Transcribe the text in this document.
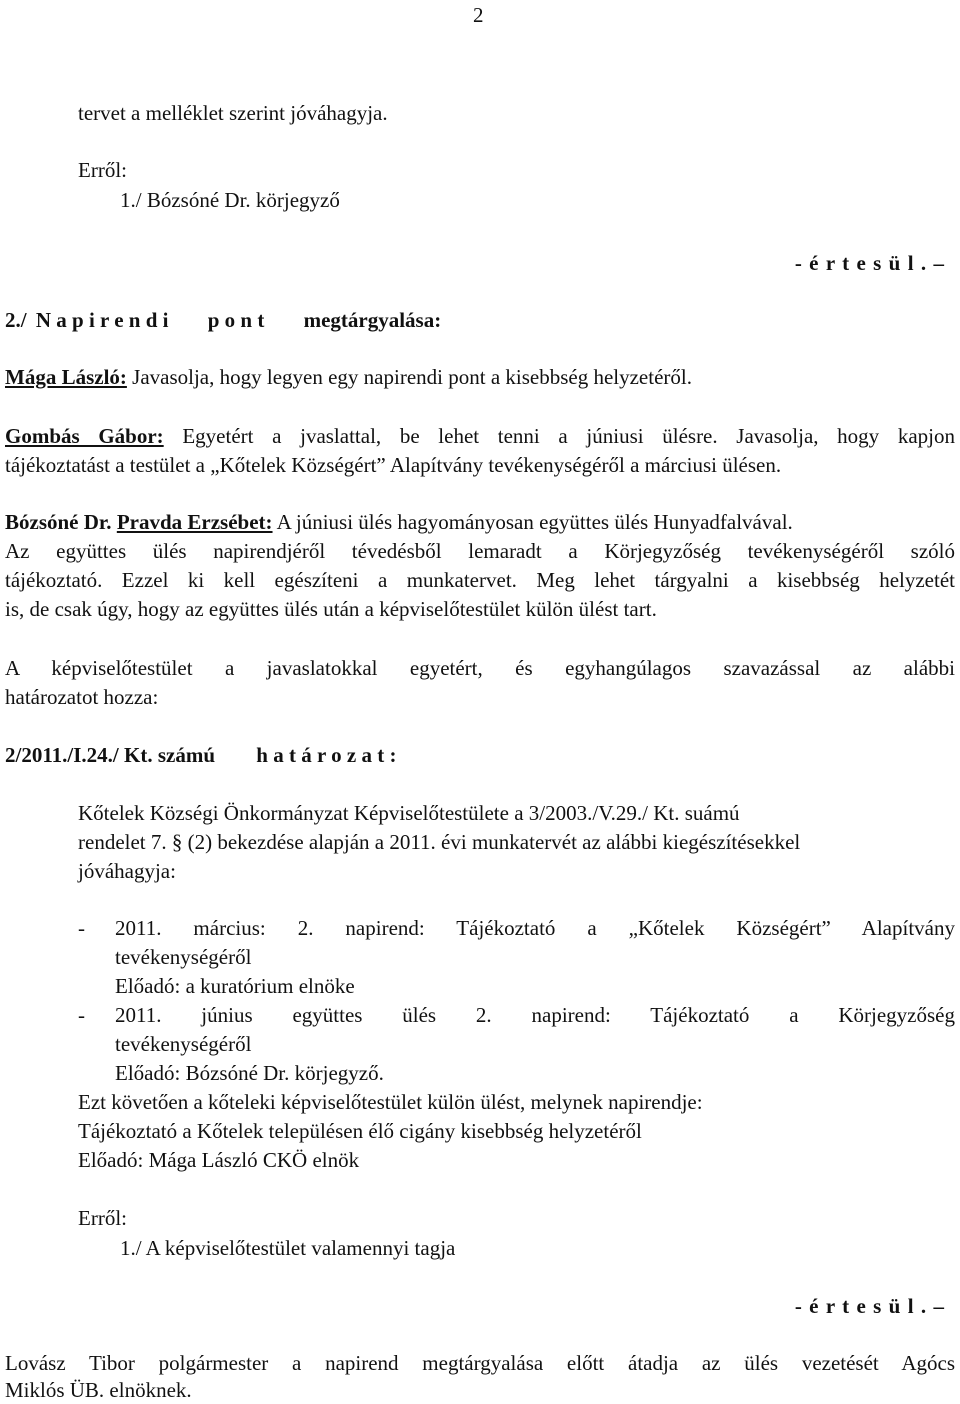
2
tervet a melléklet szerint jóváhagyja.
Erről:
1./ Bózsóné Dr. körjegyző
- é r t e s ü l . –
2./ N a p i r e n d i p o n t megtárgyalása:
Mága László: Javasolja, hogy legyen egy napirendi pont a kisebbség helyzetéről.
Gombás Gábor: Egyetért a jvaslattal, be lehet tenni a júniusi ülésre. Javasolja, hogy kapjon
tájékoztatást a testület a „Kőtelek Községért” Alapítvány tevékenységéről a márciusi ülésen.
Bózsóné Dr. Pravda Erzsébet: A júniusi ülés hagyományosan együttes ülés Hunyadfalvával.
Az együttes ülés napirendjéről tévedésből lemaradt a Körjegyzőség tevékenységéről szóló
tájékoztató. Ezzel ki kell egészíteni a munkatervet. Meg lehet tárgyalni a kisebbség helyzetét
is, de csak úgy, hogy az együttes ülés után a képviselőtestület külön ülést tart.
A képviselőtestület a javaslatokkal egyetért, és egyhangúlagos szavazással az alábbi
határozatot hozza:
2/2011./I.24./ Kt. számú h a t á r o z a t :
Kőtelek Községi Önkormányzat Képviselőtestülete a 3/2003./V.29./ Kt. suámú
rendelet 7. § (2) bekezdése alapján a 2011. évi munkatervét az alábbi kiegészítésekkel
jóváhagyja:
-	2011. március: 2. napirend: Tájékoztató a „Kőtelek Községért” Alapítvány
tevékenységéről
Előadó: a kuratórium elnöke
-	2011. június együttes ülés 2. napirend: Tájékoztató a Körjegyzőség
tevékenységéről
Előadó: Bózsóné Dr. körjegyző.
Ezt követően a kőteleki képviselőtestület külön ülést, melynek napirendje:
Tájékoztató a Kőtelek településen élő cigány kisebbség helyzetéről
Előadó: Mága László CKÖ elnök
Erről:
1./ A képviselőtestület valamennyi tagja
- é r t e s ü l . –
Lovász Tibor polgármester a napirend megtárgyalása előtt átadja az ülés vezetését Agócs
Miklós ÜB. elnöknek.
